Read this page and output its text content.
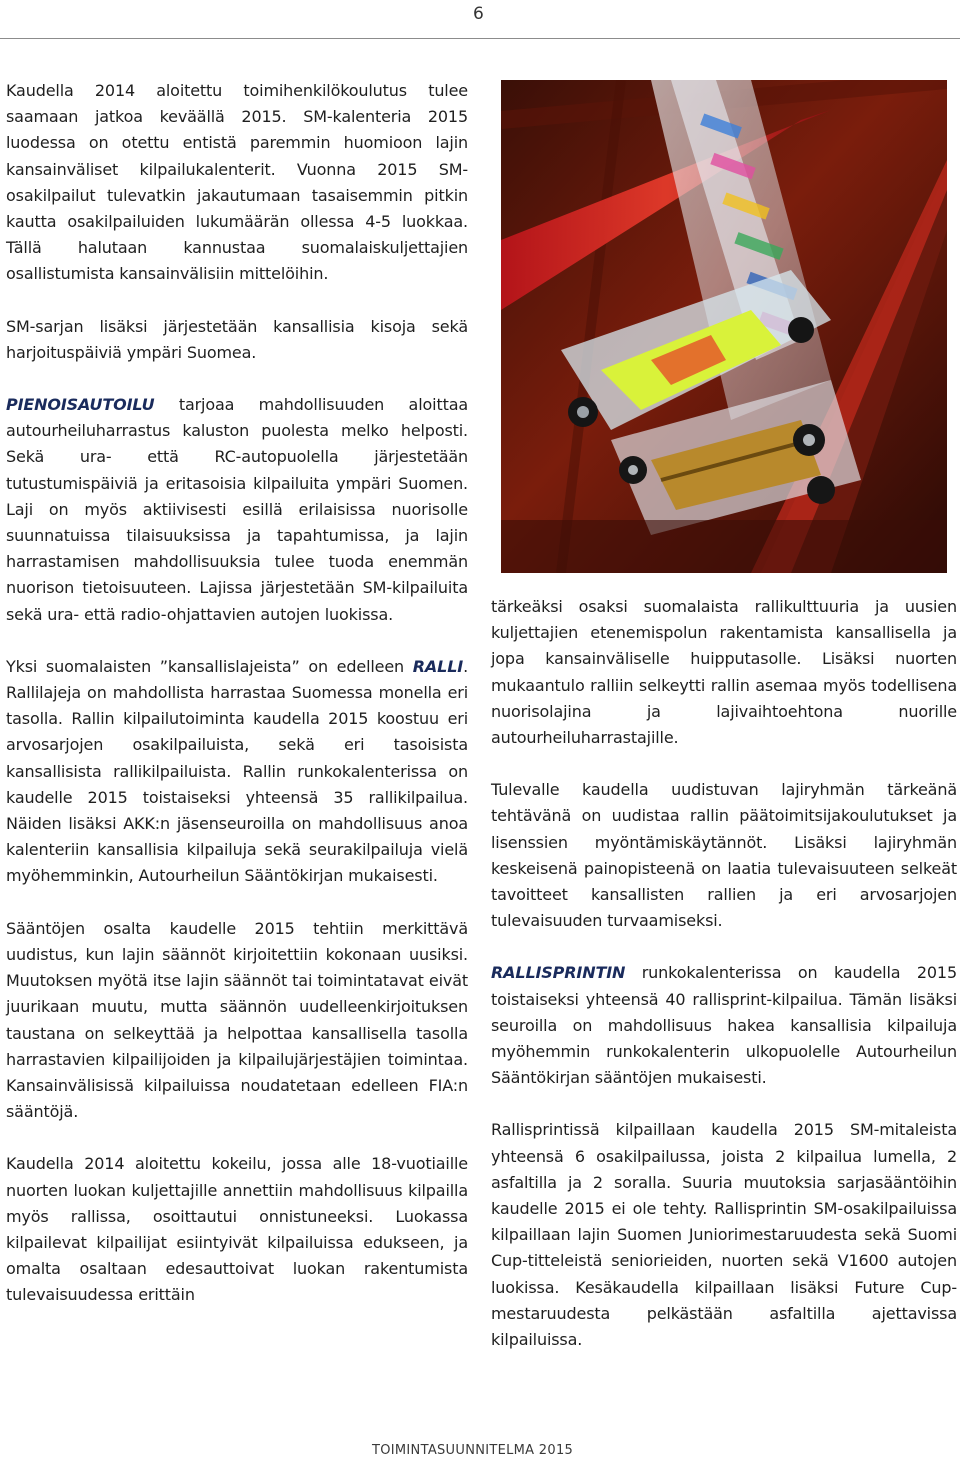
6

Kaudella 2014 aloitettu toimihenkilökoulutus tulee saamaan jatkoa keväällä 2015. SM-kalenteria 2015 luodessa on otettu entistä paremmin huomioon lajin kansainväliset kilpailukalenterit. Vuonna 2015 SM-osakilpailut tulevatkin jakautumaan tasaisemmin pitkin kautta osakilpailuiden lukumäärän ollessa 4-5 luokkaa. Tällä halutaan kannustaa suomalaiskuljettajien osallistumista kansainvälisiin mittelöihin.

SM-sarjan lisäksi järjestetään kansallisia kisoja sekä harjoituspäiviä ympäri Suomea.

PIENOISAUTOILU tarjoaa mahdollisuuden aloittaa autourheiluharrastus kaluston puolesta melko helposti. Sekä ura- että RC-autopuolella järjestetään tutustumispäiviä ja eritasoisia kilpailuita ympäri Suomen. Laji on myös aktiivisesti esillä erilaisissa nuorisolle suunnatuissa tilaisuuksissa ja tapahtumissa, ja lajin harrastamisen mahdollisuuksia tulee tuoda enemmän nuorison tietoisuuteen. Lajissa järjestetään SM-kilpailuita sekä ura- että radio-ohjattavien autojen luokissa.

Yksi suomalaisten ”kansallislajeista” on edelleen RALLI. Rallilajeja on mahdollista harrastaa Suomessa monella eri tasolla. Rallin kilpailutoiminta kaudella 2015 koostuu eri arvosarjojen osakilpailuista, sekä eri tasoisista kansallisista rallikilpailuista. Rallin runkokalenterissa on kaudelle 2015 toistaiseksi yhteensä 35 rallikilpailua. Näiden lisäksi AKK:n jäsenseuroilla on mahdollisuus anoa kalenteriin kansallisia kilpailuja sekä seurakilpailuja vielä myöhemminkin, Autourheilun Sääntökirjan mukaisesti.

Sääntöjen osalta kaudelle 2015 tehtiin merkittävä uudistus, kun lajin säännöt kirjoitettiin kokonaan uusiksi. Muutoksen myötä itse lajin säännöt tai toimintatavat eivät juurikaan muutu, mutta säännön uudelleenkirjoituksen taustana on selkeyttää ja helpottaa kansallisella tasolla harrastavien kilpailijoiden ja kilpailujärjestäjien toimintaa. Kansainvälisissä kilpailuissa noudatetaan edelleen FIA:n sääntöjä.

Kaudella 2014 aloitettu kokeilu, jossa alle 18-vuotiaille nuorten luokan kuljettajille annettiin mahdollisuus kilpailla myös rallissa, osoittautui onnistuneeksi. Luokassa kilpailevat kilpailijat esiintyivät kilpailuissa edukseen, ja omalta osaltaan edesauttoivat luokan rakentumista tulevaisuudessa erittäin

tärkeäksi osaksi suomalaista rallikulttuuria ja uusien kuljettajien etenemispolun rakentamista kansallisella ja jopa kansainväliselle huipputasolle. Lisäksi nuorten mukaantulo ralliin selkeytti rallin asemaa myös todellisena nuorisolajina ja lajivaihtoehtona nuorille autourheiluharrastajille.

Tulevalle kaudella uudistuvan lajiryhmän tärkeänä tehtävänä on uudistaa rallin päätoimitsijakoulutukset ja lisenssien myöntämiskäytännöt. Lisäksi lajiryhmän keskeisenä painopisteenä on laatia tulevaisuuteen selkeät tavoitteet kansallisten rallien ja eri arvosarjojen tulevaisuuden turvaamiseksi.

RALLISPRINTIN runkokalenterissa on kaudella 2015 toistaiseksi yhteensä 40 rallisprint-kilpailua. Tämän lisäksi seuroilla on mahdollisuus hakea kansallisia kilpailuja myöhemmin runkokalenterin ulkopuolelle Autourheilun Sääntökirjan sääntöjen mukaisesti.

Rallisprintissä kilpaillaan kaudella 2015 SM-mitaleista yhteensä 6 osakilpailussa, joista 2 kilpailua lumella, 2 asfaltilla ja 2 soralla. Suuria muutoksia sarjasääntöihin kaudelle 2015 ei ole tehty. Rallisprintin SM-osakilpailuissa kilpaillaan lajin Suomen Juniorimestaruudesta sekä Suomi Cup-titteleistä seniorieiden, nuorten sekä V1600 autojen luokissa. Kesäkaudella kilpaillaan lisäksi Future Cup-mestaruudesta pelkästään asfaltilla ajettavissa kilpailuissa.

TOIMINTASUUNNITELMA 2015
